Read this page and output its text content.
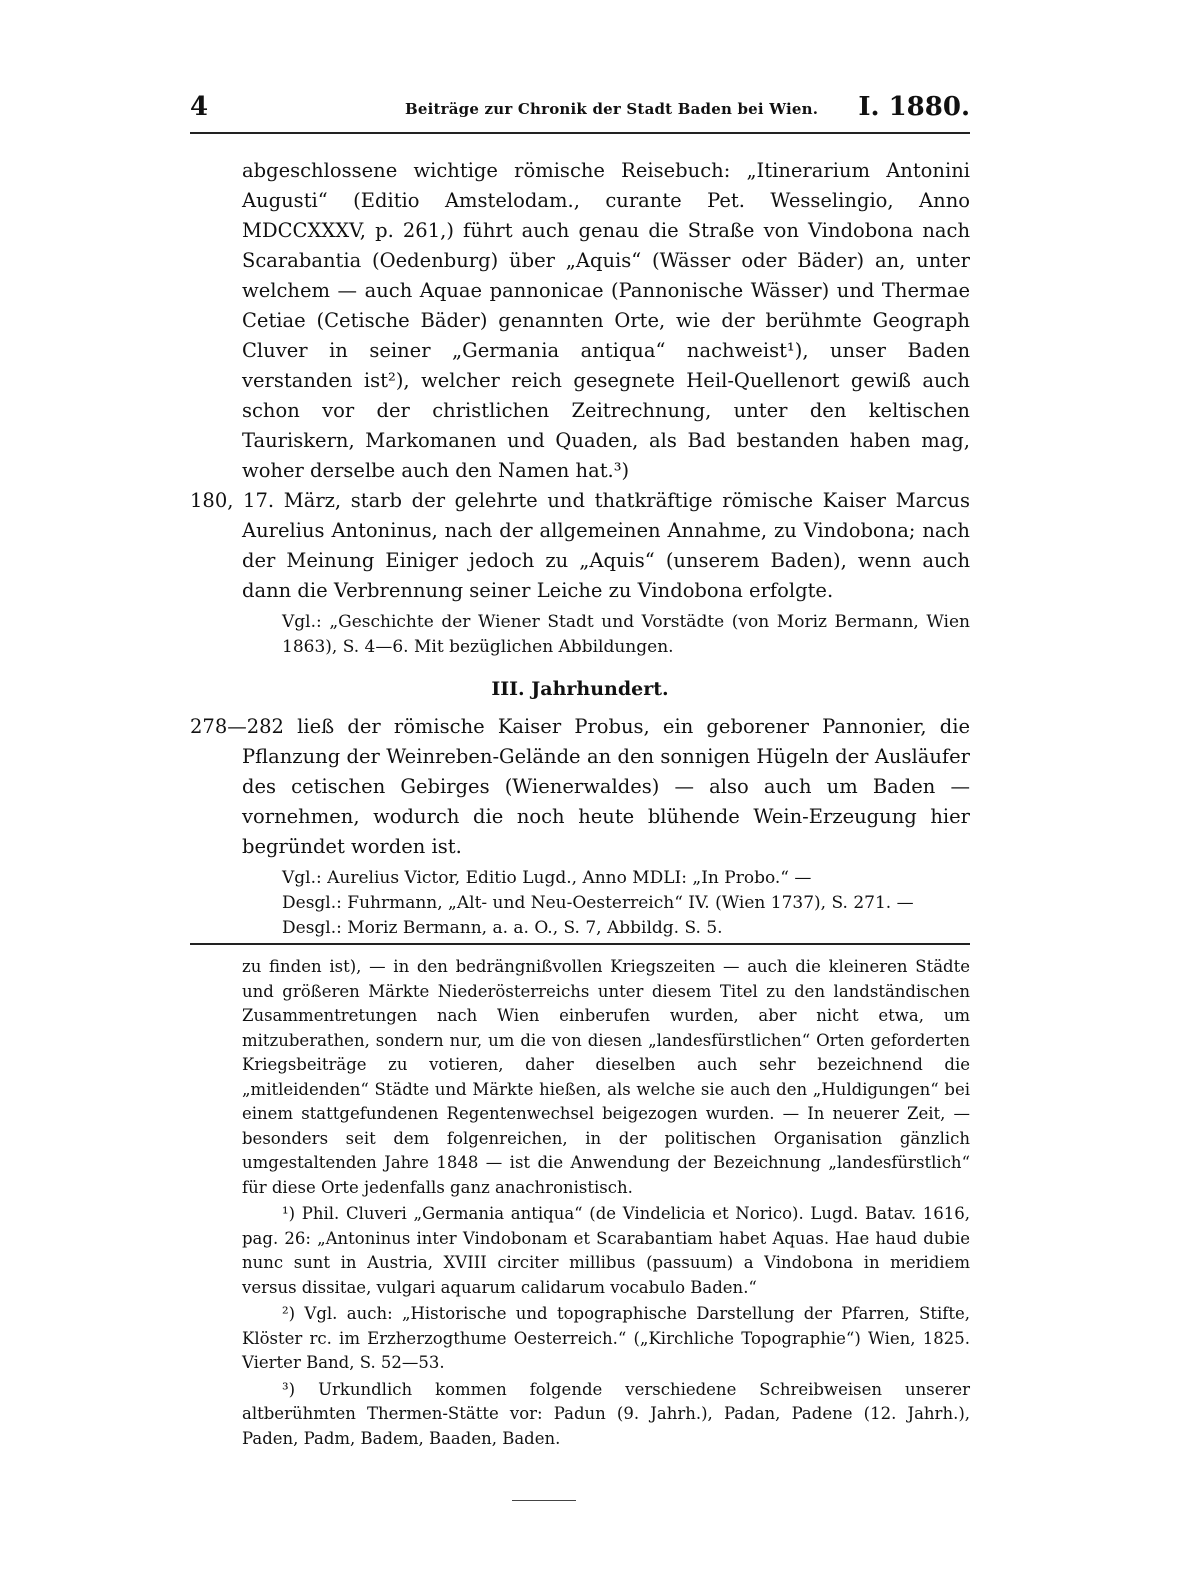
4	Beiträge zur Chronik der Stadt Baden bei Wien. I. 1880.

abgeschlossene wichtige römische Reisebuch: „Itinerarium Antonini Augusti“ (Editio Amstelodam., curante Pet. Wesselingio, Anno MDCCXXXV, p. 261,) führt auch genau die Straße von Vindobona nach Scarabantia (Oedenburg) über „Aquis“ (Wässer oder Bäder) an, unter welchem — auch Aquae pannonicae (Pannonische Wässer) und Thermae Cetiae (Cetische Bäder) genannten Orte, wie der berühmte Geograph Cluver in seiner „Germania antiqua“ nachweist¹), unser Baden verstanden ist²), welcher reich gesegnete Heil-Quellenort gewiß auch schon vor der christlichen Zeitrechnung, unter den keltischen Tauriskern, Markomanen und Quaden, als Bad bestanden haben mag, woher derselbe auch den Namen hat.³)

180, 17. März, starb der gelehrte und thatkräftige römische Kaiser Marcus Aurelius Antoninus, nach der allgemeinen Annahme, zu Vindobona; nach der Meinung Einiger jedoch zu „Aquis“ (unserem Baden), wenn auch dann die Verbrennung seiner Leiche zu Vindobona erfolgte.

Vgl.: „Geschichte der Wiener Stadt und Vorstädte (von Moriz Bermann, Wien 1863), S. 4—6. Mit bezüglichen Abbildungen.

III. Jahrhundert.

278—282 ließ der römische Kaiser Probus, ein geborener Pannonier, die Pflanzung der Weinreben-Gelände an den sonnigen Hügeln der Ausläufer des cetischen Gebirges (Wienerwaldes) — also auch um Baden — vornehmen, wodurch die noch heute blühende Wein-Erzeugung hier begründet worden ist.

Vgl.: Aurelius Victor, Editio Lugd., Anno MDLI: „In Probo.“ —
Desgl.: Fuhrmann, „Alt- und Neu-Oesterreich“ IV. (Wien 1737), S. 271. —
Desgl.: Moriz Bermann, a. a. O., S. 7, Abbildg. S. 5.

zu finden ist), — in den bedrängnißvollen Kriegszeiten — auch die kleineren Städte und größeren Märkte Niederösterreichs unter diesem Titel zu den landständischen Zusammentretungen nach Wien einberufen wurden, aber nicht etwa, um mitzuberathen, sondern nur, um die von diesen „landesfürstlichen“ Orten geforderten Kriegsbeiträge zu votieren, daher dieselben auch sehr bezeichnend die „mitleidenden“ Städte und Märkte hießen, als welche sie auch den „Huldigungen“ bei einem stattgefundenen Regentenwechsel beigezogen wurden. — In neuerer Zeit, — besonders seit dem folgenreichen, in der politischen Organisation gänzlich umgestaltenden Jahre 1848 — ist die Anwendung der Bezeichnung „landesfürstlich“ für diese Orte jedenfalls ganz anachronistisch.

¹) Phil. Cluveri „Germania antiqua“ (de Vindelicia et Norico). Lugd. Batav. 1616, pag. 26: „Antoninus inter Vindobonam et Scarabantiam habet Aquas. Hae haud dubie nunc sunt in Austria, XVIII circiter millibus (passuum) a Vindobona in meridiem versus dissitae, vulgari aquarum calidarum vocabulo Baden.“

²) Vgl. auch: „Historische und topographische Darstellung der Pfarren, Stifte, Klöster rc. im Erzherzogthume Oesterreich.“ („Kirchliche Topographie“) Wien, 1825. Vierter Band, S. 52—53.

³) Urkundlich kommen folgende verschiedene Schreibweisen unserer altberühmten Thermen-Stätte vor: Padun (9. Jahrh.), Padan, Padene (12. Jahrh.), Paden, Padm, Badem, Baaden, Baden.
